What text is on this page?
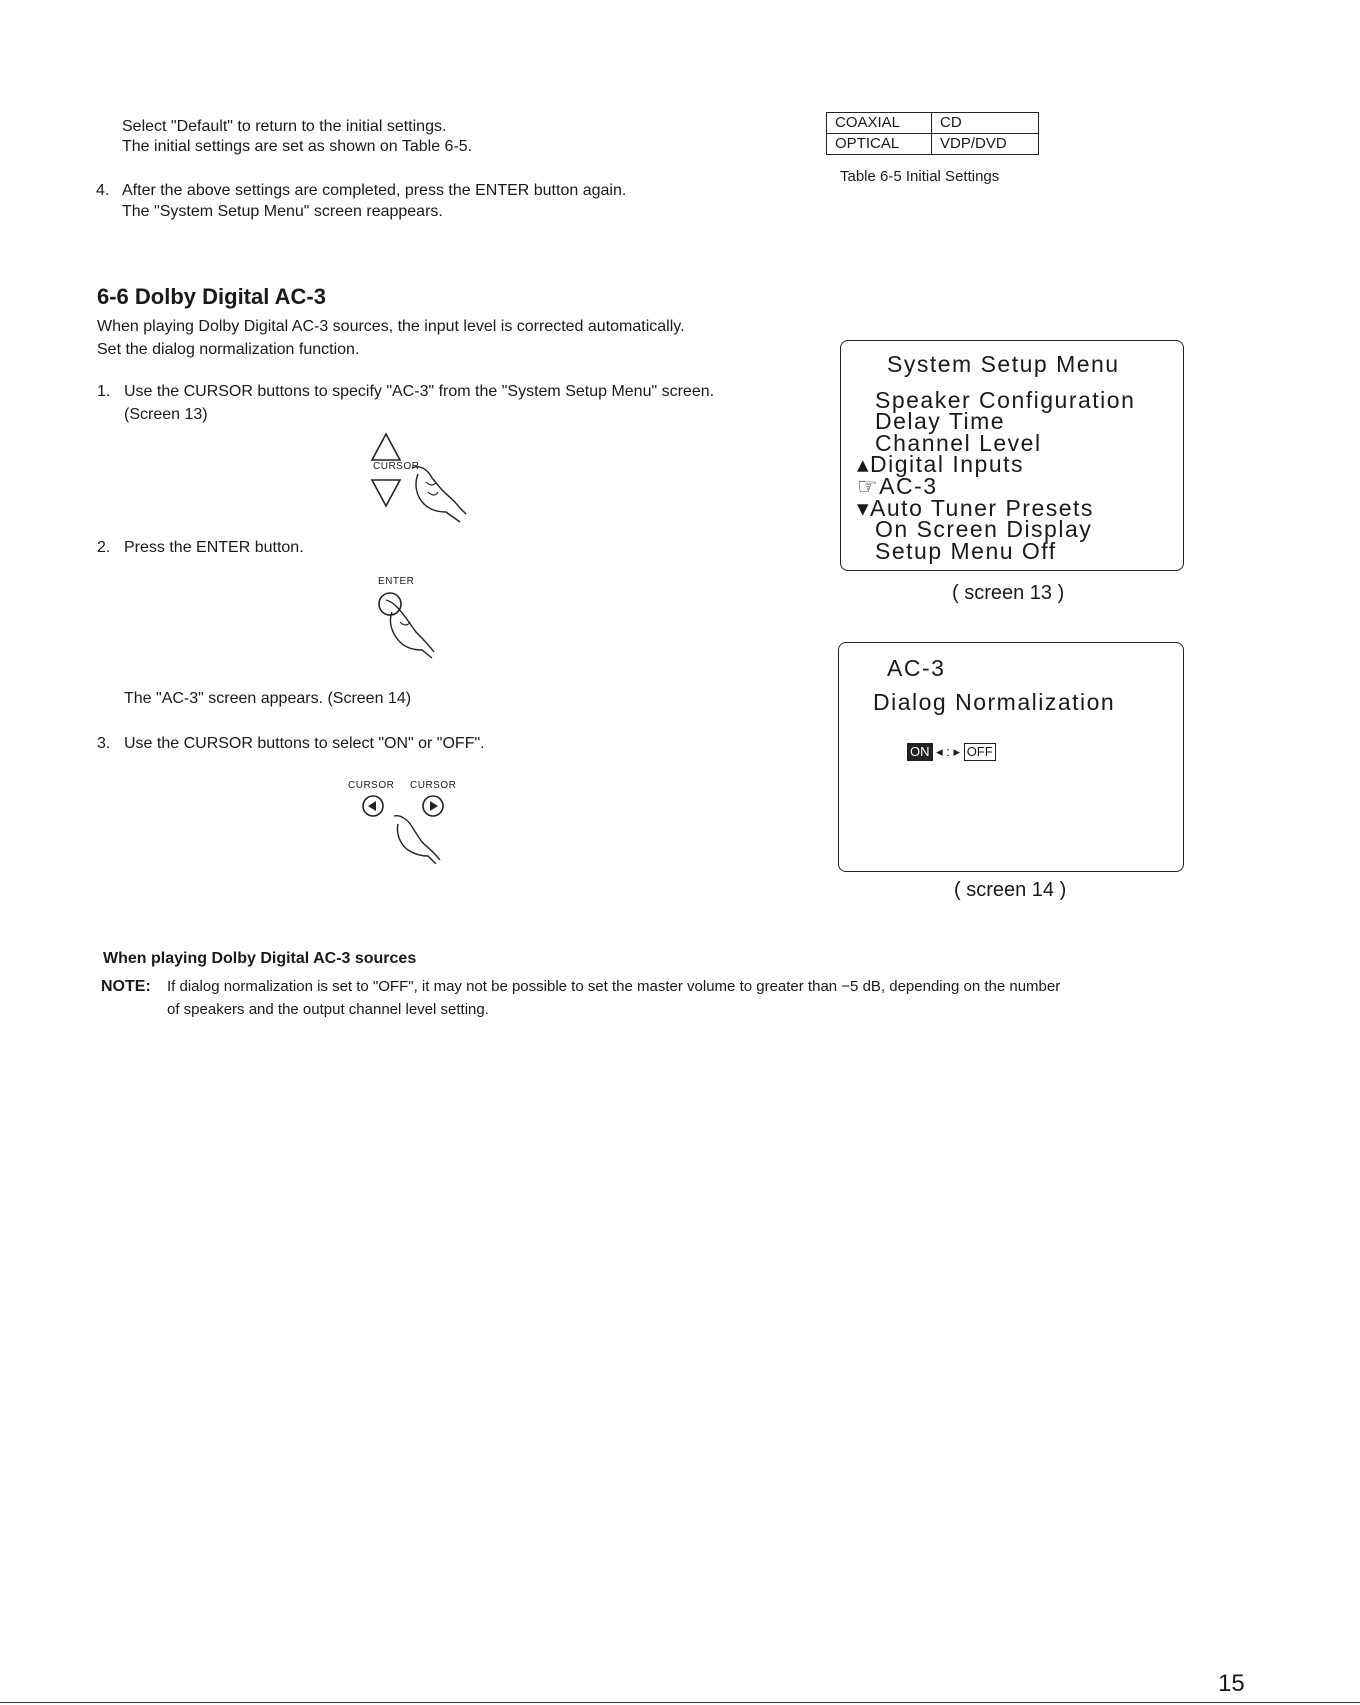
Select "Default" to return to the initial settings.
The initial settings are set as shown on Table 6-5.
4. After the above settings are completed, press the ENTER button again.
The "System Setup Menu" screen reappears.
COAXIAL	CD
OPTICAL	VDP/DVD
Table 6-5 Initial Settings
6-6 Dolby Digital AC-3
When playing Dolby Digital AC-3 sources, the input level is corrected automatically.
Set the dialog normalization function.
1. Use the CURSOR buttons to specify "AC-3" from the "System Setup Menu" screen.
(Screen 13)
CURSOR
2. Press the ENTER button.
ENTER
The "AC-3" screen appears. (Screen 14)
3. Use the CURSOR buttons to select "ON" or "OFF".
CURSOR CURSOR
System Setup Menu
Speaker Configuration
Delay Time
Channel Level
▴Digital Inputs
☞AC-3
▾Auto Tuner Presets
On Screen Display
Setup Menu Off
( screen 13 )
AC-3
Dialog Normalization
ON ◂ : ▸ OFF
( screen 14 )
When playing Dolby Digital AC-3 sources
NOTE: If dialog normalization is set to "OFF", it may not be possible to set the master volume to greater than −5 dB, depending on the number
of speakers and the output channel level setting.
15
